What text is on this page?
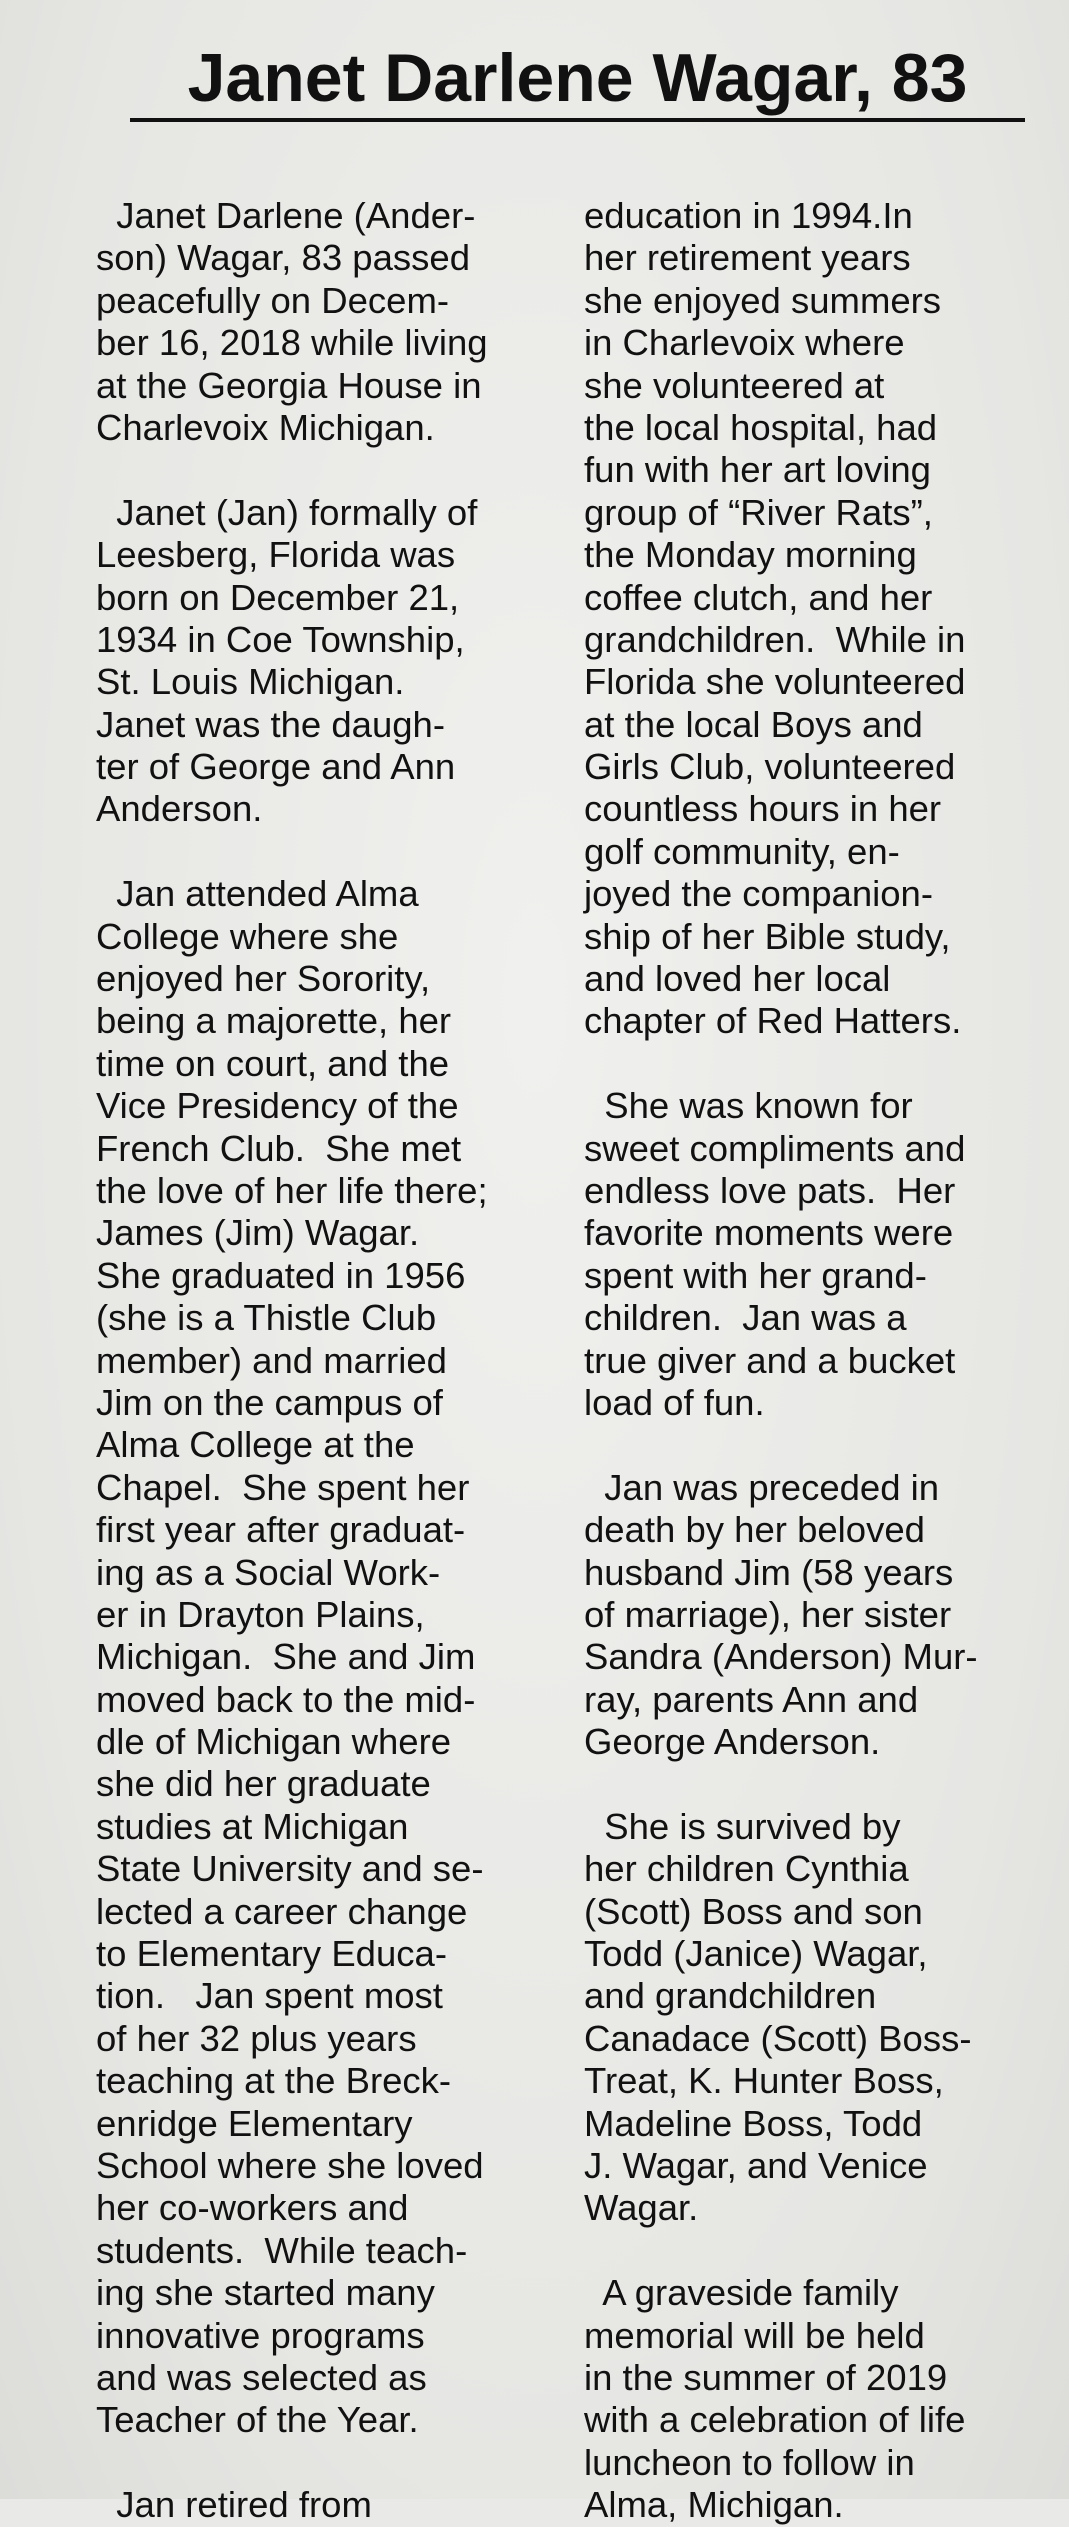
Janet Darlene Wagar, 83
Janet Darlene (Ander-
son) Wagar, 83 passed
peacefully on Decem-
ber 16, 2018 while living
at the Georgia House in
Charlevoix Michigan.
Janet (Jan) formally of
Leesberg, Florida was
born on December 21,
1934 in Coe Township,
St. Louis Michigan.
Janet was the daugh-
ter of George and Ann
Anderson.
Jan attended Alma
College where she
enjoyed her Sorority,
being a majorette, her
time on court, and the
Vice Presidency of the
French Club.  She met
the love of her life there;
James (Jim) Wagar.
She graduated in 1956
(she is a Thistle Club
member) and married
Jim on the campus of
Alma College at the
Chapel.  She spent her
first year after graduat-
ing as a Social Work-
er in Drayton Plains,
Michigan.  She and Jim
moved back to the mid-
dle of Michigan where
she did her graduate
studies at Michigan
State University and se-
lected a career change
to Elementary Educa-
tion.   Jan spent most
of her 32 plus years
teaching at the Breck-
enridge Elementary
School where she loved
her co-workers and
students.  While teach-
ing she started many
innovative programs
and was selected as
Teacher of the Year.
Jan retired from
education in 1994.In
her retirement years
she enjoyed summers
in Charlevoix where
she volunteered at
the local hospital, had
fun with her art loving
group of “River Rats”,
the Monday morning
coffee clutch, and her
grandchildren.  While in
Florida she volunteered
at the local Boys and
Girls Club, volunteered
countless hours in her
golf community, en-
joyed the companion-
ship of her Bible study,
and loved her local
chapter of Red Hatters.
She was known for
sweet compliments and
endless love pats.  Her
favorite moments were
spent with her grand-
children.  Jan was a
true giver and a bucket
load of fun.
Jan was preceded in
death by her beloved
husband Jim (58 years
of marriage), her sister
Sandra (Anderson) Mur-
ray, parents Ann and
George Anderson.
She is survived by
her children Cynthia
(Scott) Boss and son
Todd (Janice) Wagar,
and grandchildren
Canadace (Scott) Boss-
Treat, K. Hunter Boss,
Madeline Boss, Todd
J. Wagar, and Venice
Wagar.
A graveside family
memorial will be held
in the summer of 2019
with a celebration of life
luncheon to follow in
Alma, Michigan.
